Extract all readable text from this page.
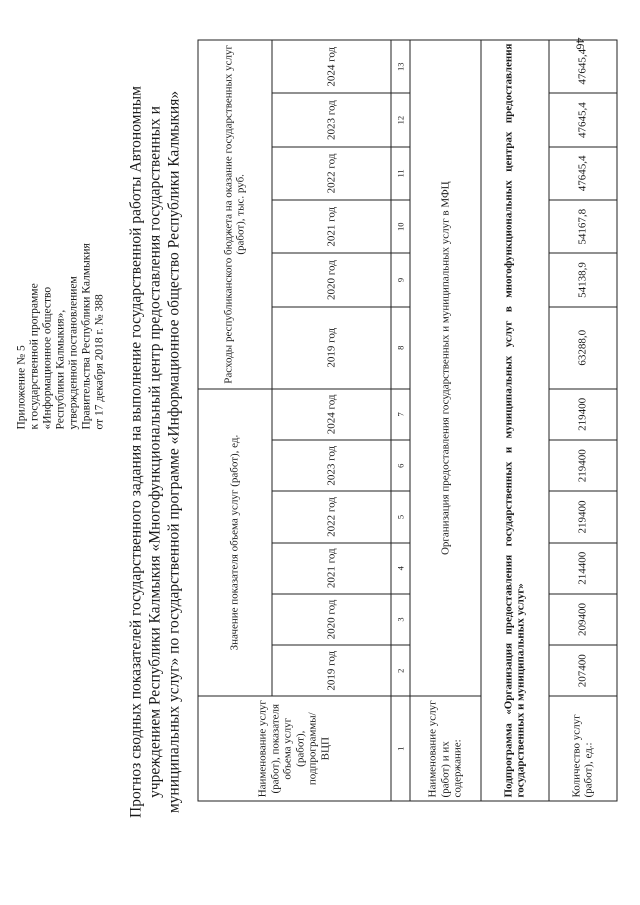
46
Приложение № 5 к государственной программе «Информационное общество Республики Калмыкия», утвержденной постановлением Правительства Республики Калмыкия от 17 декабря 2018 г. № 388 Прогноз сводных показателей государственного задания на выполнение государственной работы Автономным учреждением Республики Калмыкия «Многофункциональный центр предоставления государственных и муниципальных услуг» по государственной программе «Информационное общество Республики Калмыкия»	Наименование услуг (работ), показателя объема услуг (работ), подпрограммы/ ВЦП	Значение показателя объема услуг (работ), ед.						Расходы республиканского бюджета на оказание государственных услуг (работ), тыс. руб.					
	2019 год	2020 год	2021 год	2022 год	2023 год	2024 год	2019 год	2020 год	2021 год	2022 год	2023 год	2024 год
1	2	3	4	5	6	7	8	9	10	11	12	13
Наименование услуг (работ) и их содержание:	Организация предоставления государственных и муниципальных услуг в МФЦ											
Подпрограмма «Организация предоставления государственных и муниципальных услуг в многофункциональных центрах предоставления государственных и муниципальных услуг»												
Количество услуг (работ), ед.:	207400	209400	214400	219400	219400	219400	63288,0	54138,9	54167,8	47645,4	47645,4	47645,4
